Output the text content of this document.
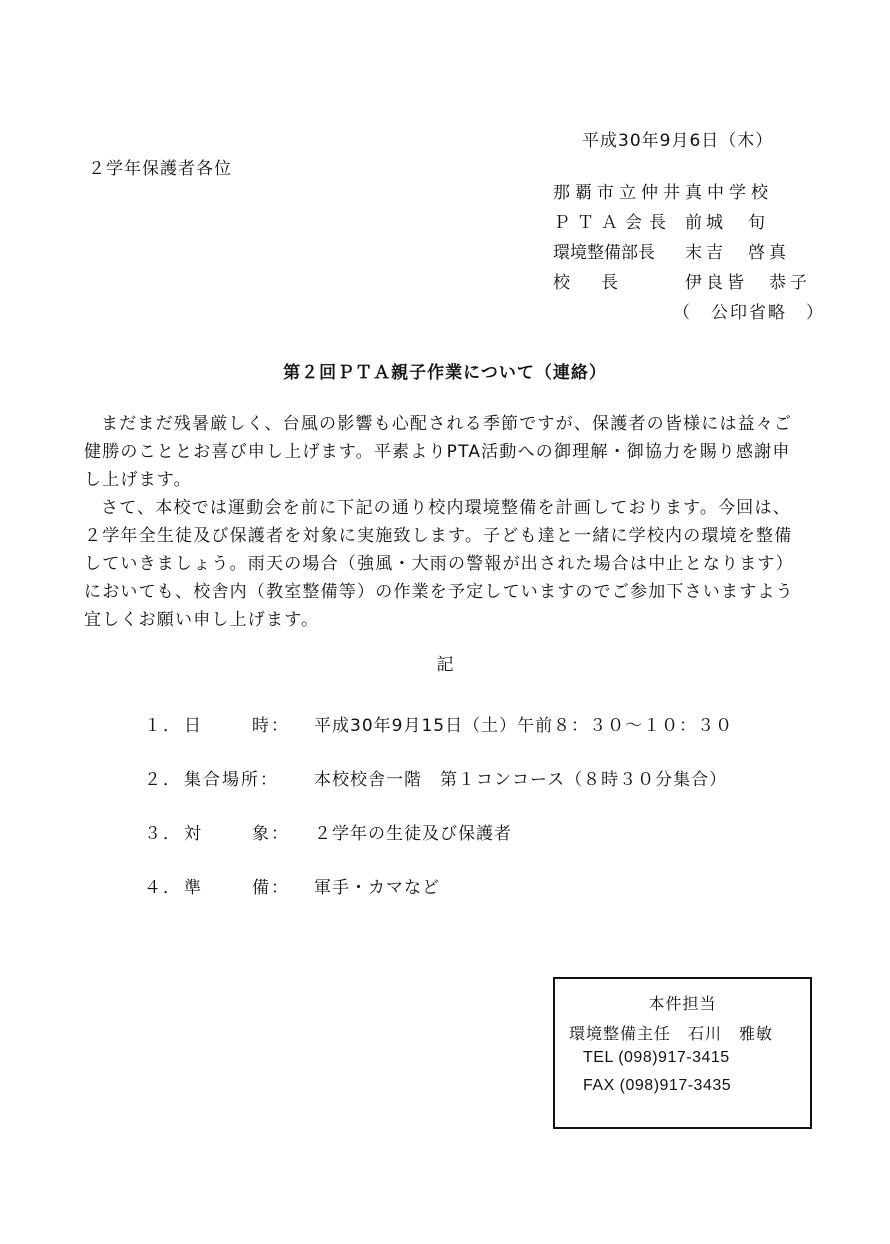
平成30年9月6日（木）
２学年保護者各位
那覇市立仲井真中学校
ＰＴＡ会長 前城　旬
環境整備部長	末吉　啓真
校　長	伊良皆　恭子
（　公印省略　）
第２回ＰＴＡ親子作業について（連絡）

まだまだ残暑厳しく、台風の影響も心配される季節ですが、保護者の皆様には益々ご健勝のこととお喜び申し上げます。平素よりPTA活動への御理解・御協力を賜り感謝申し上げます。

さて、本校では運動会を前に下記の通り校内環境整備を計画しております。今回は、２学年全生徒及び保護者を対象に実施致します。子ども達と一緒に学校内の環境を整備していきましょう。雨天の場合（強風・大雨の警報が出された場合は中止となります）においても、校舎内（教室整備等）の作業を予定していますのでご参加下さいますよう宜しくお願い申し上げます。

記
１． 日	時： 平成30年9月15日（土）午前８：３０～１０：３０
２． 集合場所：	本校校舎一階　第１コンコース（８時３０分集合）
３． 対	象： ２学年の生徒及び保護者
４． 準	備： 軍手・カマなど
本件担当
環境整備主任　石川　雅敏
TEL (098)917-3415
FAX (098)917-3435
